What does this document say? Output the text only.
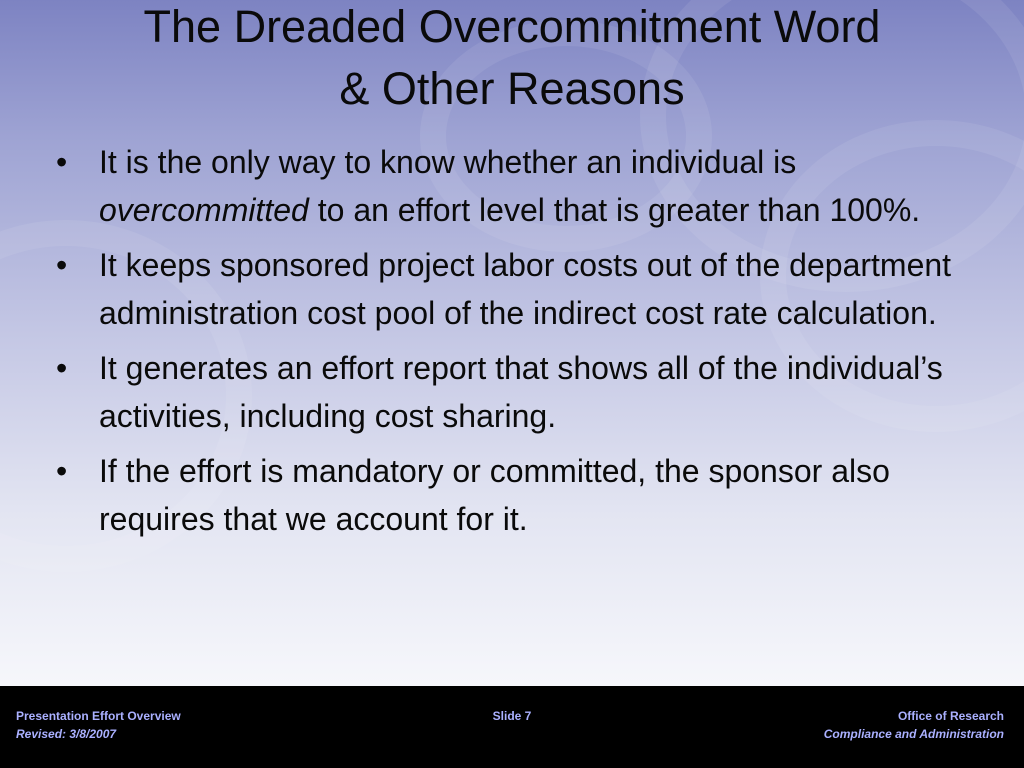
The Dreaded Overcommitment Word
& Other Reasons
• It is the only way to know whether an individual is overcommitted to an effort level that is greater than 100%.
• It keeps sponsored project labor costs out of the department administration cost pool of the indirect cost rate calculation.
• It generates an effort report that shows all of the individual’s activities, including cost sharing.
• If the effort is mandatory or committed, the sponsor also requires that we account for it.
Presentation Effort Overview
Revised: 3/8/2007
Slide 7	Office of Research
Compliance and Administration
